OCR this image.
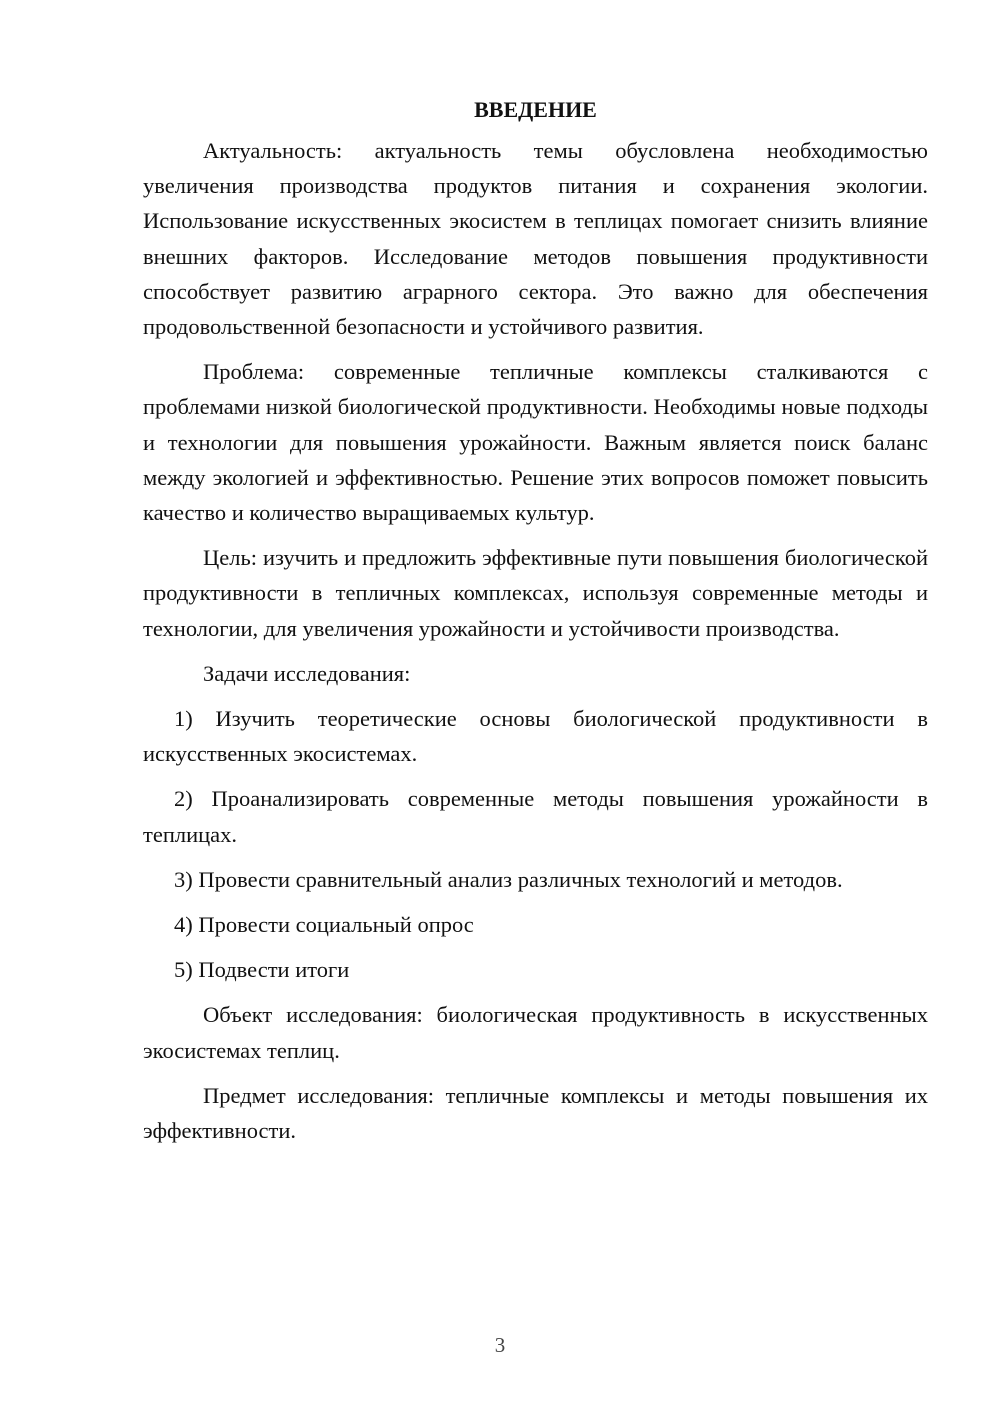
ВВЕДЕНИЕ

Актуальность: актуальность темы обусловлена необходимостью увеличения производства продуктов питания и сохранения экологии. Использование искусственных экосистем в теплицах помогает снизить влияние внешних факторов. Исследование методов повышения продуктивности способствует развитию аграрного сектора. Это важно для обеспечения продовольственной безопасности и устойчивого развития.

Проблема: современные тепличные комплексы сталкиваются с проблемами низкой биологической продуктивности. Необходимы новые подходы и технологии для повышения урожайности. Важным является поиск баланс между экологией и эффективностью. Решение этих вопросов поможет повысить качество и количество выращиваемых культур.

Цель: изучить и предложить эффективные пути повышения биологической продуктивности в тепличных комплексах, используя современные методы и технологии, для увеличения урожайности и устойчивости производства.

Задачи исследования:

1) Изучить теоретические основы биологической продуктивности в искусственных экосистемах.

2) Проанализировать современные методы повышения урожайности в теплицах.

3) Провести сравнительный анализ различных технологий и методов.

4) Провести социальный опрос

5) Подвести итоги

Объект исследования: биологическая продуктивность в искусственных экосистемах теплиц.

Предмет исследования: тепличные комплексы и методы повышения их эффективности.

3
